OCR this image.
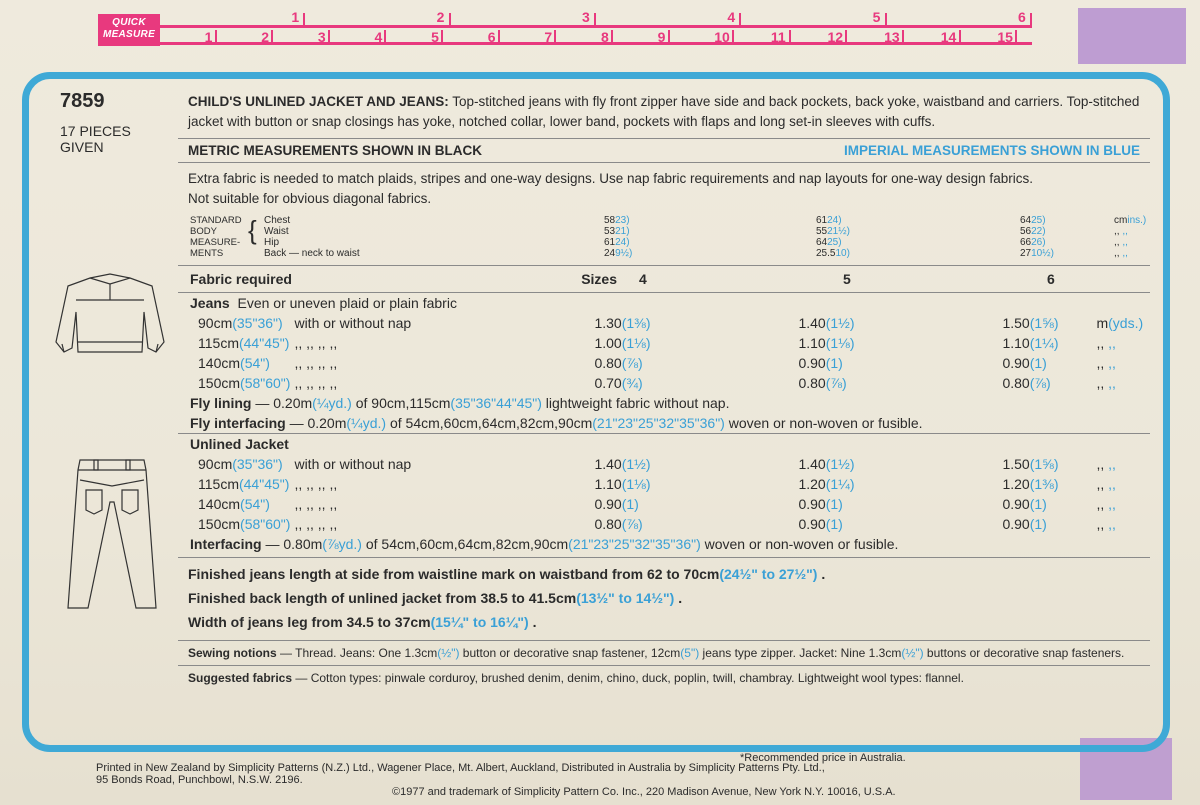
QUICK
MEASURE
1	2	3	4	5	6
1	2	3	4	5	6	7	8	9	10	11	12	13	14	15
7859
17 PIECES
GIVEN
CHILD'S UNLINED JACKET AND JEANS: Top-stitched jeans with fly front zipper have side and back pockets, back yoke, waistband and carriers. Top-stitched jacket with button or snap closings has yoke, notched collar, lower band, pockets with flaps and long set-in sleeves with cuffs.
METRIC MEASUREMENTS SHOWN IN BLACK	IMPERIAL MEASUREMENTS SHOWN IN BLUE
Extra fabric is needed to match plaids, stripes and one-way designs. Use nap fabric requirements and nap layouts for one-way design fabrics.
Not suitable for obvious diagonal fabrics.
STANDARD
BODY
MEASURE-
MENTS	{	Chest	5823)	6124)	6425)	cmins.)
		Waist	5321)	5521½)	5622)	,, ,,
		Hip	6124)	6425)	6626)	,, ,,
		Back — neck to waist	249½)	25.510)	2710½)	,, ,,
Fabric required	Sizes	4	5	6	
Jeans Even or uneven plaid or plain fabric					
90cm(35"36")	with or without nap	1.30(1⅜)	1.40(1½)	1.50(1⅝)	m(yds.)
115cm(44"45")	,, ,, ,, ,,	1.00(1⅛)	1.10(1⅛)	1.10(1¼)	,, ,,
140cm(54")	,, ,, ,, ,,	0.80(⅞)	0.90(1)	0.90(1)	,, ,,
150cm(58"60")	,, ,, ,, ,,	0.70(¾)	0.80(⅞)	0.80(⅞)	,, ,,
Fly lining — 0.20m(¼yd.) of 90cm,115cm(35"36"44"45") lightweight fabric without nap.					
Fly interfacing — 0.20m(¼yd.) of 54cm,60cm,64cm,82cm,90cm(21"23"25"32"35"36") woven or non-woven or fusible.					
Unlined Jacket					
90cm(35"36")	with or without nap	1.40(1½)	1.40(1½)	1.50(1⅝)	,, ,,
115cm(44"45")	,, ,, ,, ,,	1.10(1⅛)	1.20(1¼)	1.20(1⅜)	,, ,,
140cm(54")	,, ,, ,, ,,	0.90(1)	0.90(1)	0.90(1)	,, ,,
150cm(58"60")	,, ,, ,, ,,	0.80(⅞)	0.90(1)	0.90(1)	,, ,,
Interfacing — 0.80m(⅞yd.) of 54cm,60cm,64cm,82cm,90cm(21"23"25"32"35"36") woven or non-woven or fusible.					
Finished jeans length at side from waistline mark on waistband from 62 to 70cm(24½" to 27½") .
Finished back length of unlined jacket from 38.5 to 41.5cm(13½" to 14½") .
Width of jeans leg from 34.5 to 37cm(15¼" to 16¼") .
Sewing notions — Thread. Jeans: One 1.3cm(½") button or decorative snap fastener, 12cm(5") jeans type zipper. Jacket: Nine 1.3cm(½") buttons or decorative snap fasteners.
Suggested fabrics — Cotton types: pinwale corduroy, brushed denim, denim, chino, duck, poplin, twill, chambray. Lightweight wool types: flannel.
Printed in New Zealand by Simplicity Patterns (N.Z.) Ltd., Wagener Place, Mt. Albert, Auckland, Distributed in Australia by Simplicity Patterns Pty. Ltd.,
95 Bonds Road, Punchbowl, N.S.W. 2196.
©1977 and trademark of Simplicity Pattern Co. Inc., 220 Madison Avenue, New York N.Y. 10016, U.S.A.
*Recommended price in Australia.
